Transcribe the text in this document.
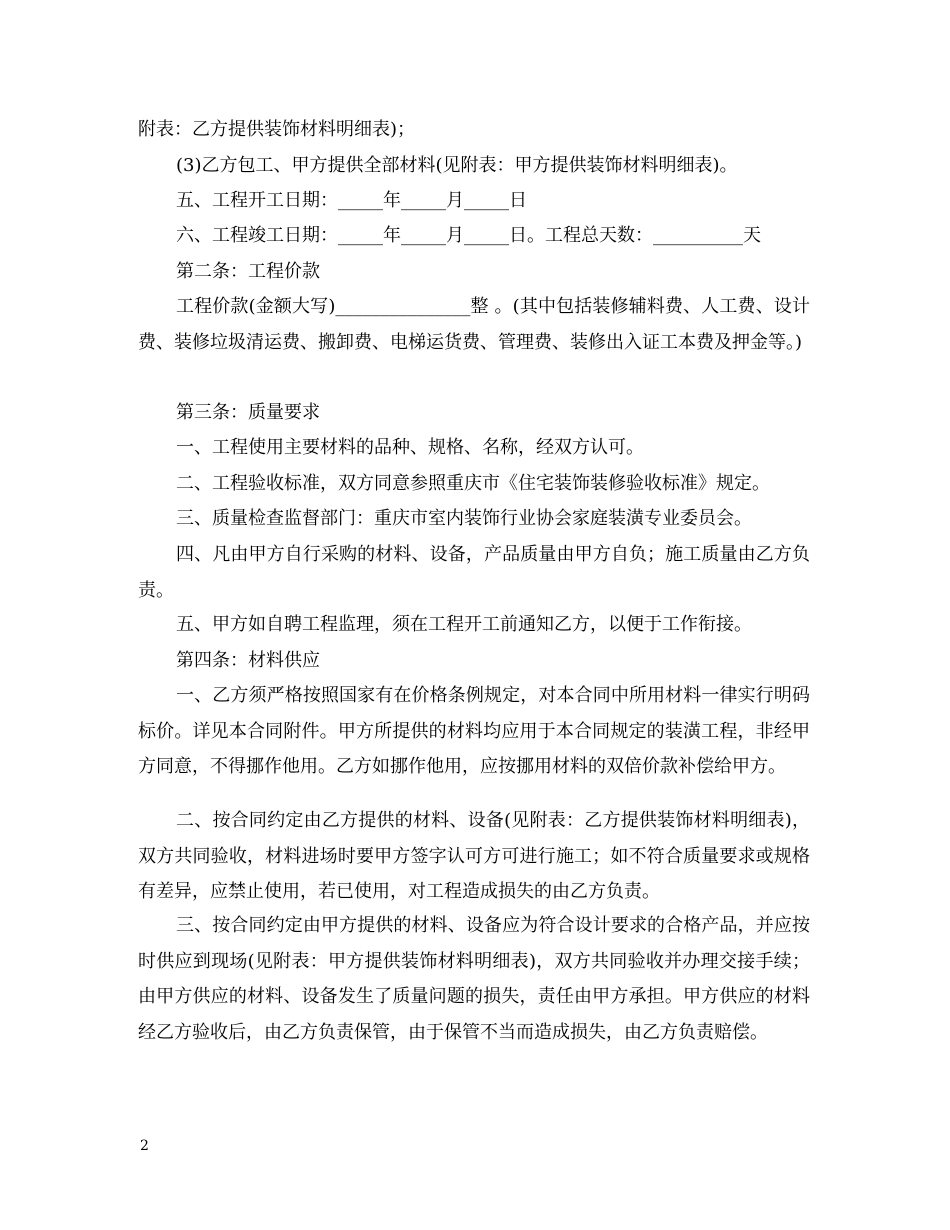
附表：乙方提供装饰材料明细表)；

(3)乙方包工、甲方提供全部材料(见附表：甲方提供装饰材料明细表)。

五、工程开工日期：_____年_____月_____日

六、工程竣工日期：_____年_____月_____日。工程总天数：__________天

第二条：工程价款

工程价款(金额大写)_______________整 。(其中包括装修辅料费、人工费、设计费、装修垃圾清运费、搬卸费、电梯运货费、管理费、装修出入证工本费及押金等。)

第三条：质量要求

一、工程使用主要材料的品种、规格、名称，经双方认可。

二、工程验收标准，双方同意参照重庆市《住宅装饰装修验收标准》规定。

三、质量检查监督部门：重庆市室内装饰行业协会家庭装潢专业委员会。

四、凡由甲方自行采购的材料、设备，产品质量由甲方自负；施工质量由乙方负责。

五、甲方如自聘工程监理，须在工程开工前通知乙方，以便于工作衔接。

第四条：材料供应

一、乙方须严格按照国家有在价格条例规定，对本合同中所用材料一律实行明码标价。详见本合同附件。甲方所提供的材料均应用于本合同规定的装潢工程，非经甲方同意，不得挪作他用。乙方如挪作他用，应按挪用材料的双倍价款补偿给甲方。

二、按合同约定由乙方提供的材料、设备(见附表：乙方提供装饰材料明细表)，双方共同验收，材料进场时要甲方签字认可方可进行施工；如不符合质量要求或规格有差异，应禁止使用，若已使用，对工程造成损失的由乙方负责。

三、按合同约定由甲方提供的材料、设备应为符合设计要求的合格产品，并应按时供应到现场(见附表：甲方提供装饰材料明细表)，双方共同验收并办理交接手续；由甲方供应的材料、设备发生了质量问题的损失，责任由甲方承担。甲方供应的材料经乙方验收后，由乙方负责保管，由于保管不当而造成损失，由乙方负责赔偿。

2
